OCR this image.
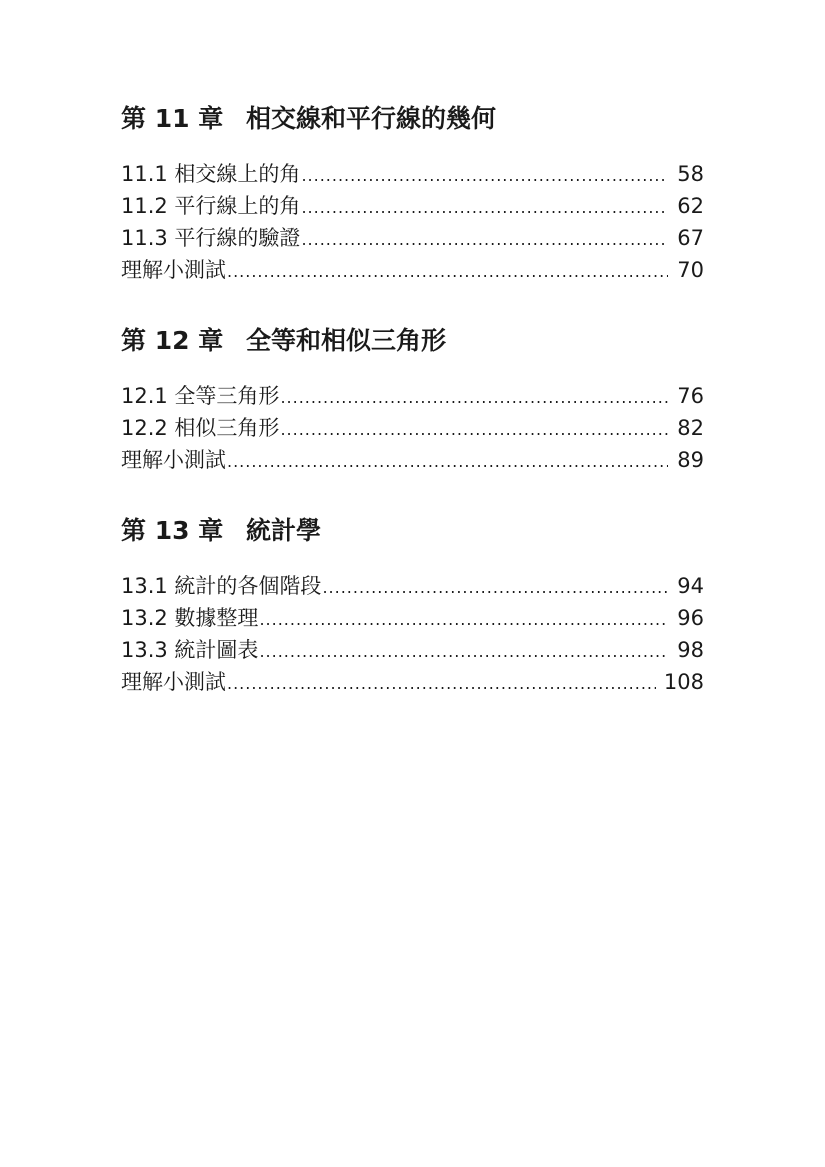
第 11 章 相交線和平行線的幾何
11.1 相交線上的角 .....	58
11.2 平行線上的角 .....	62
11.3 平行線的驗證 .....	67
理解小測試 .....	70
第 12 章 全等和相似三角形
12.1 全等三角形 .....	76
12.2 相似三角形 .....	82
理解小測試 .....	89
第 13 章 統計學
13.1 統計的各個階段 .....	94
13.2 數據整理 .....	96
13.3 統計圖表 .....	98
理解小測試 .....	108
